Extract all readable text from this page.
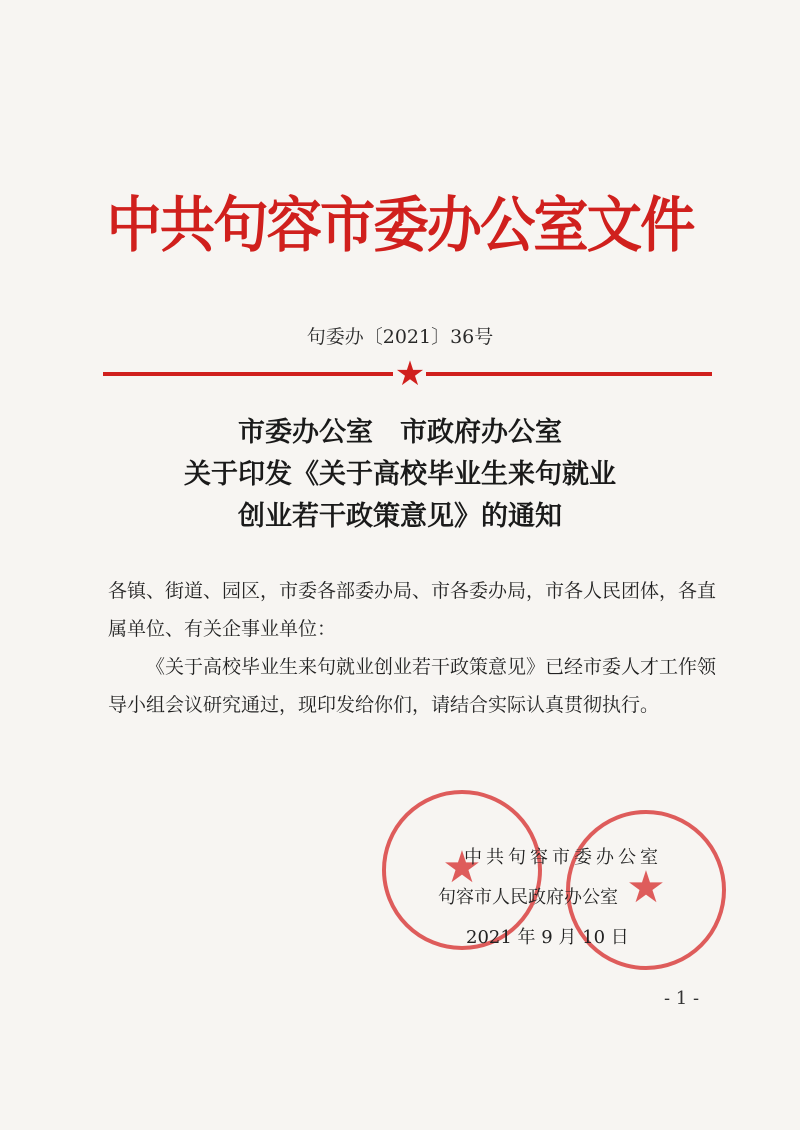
中共句容市委办公室文件
句委办〔2021〕36号
★
市委办公室　市政府办公室
关于印发《关于高校毕业生来句就业
创业若干政策意见》的通知

各镇、街道、园区，市委各部委办局、市各委办局，市各人民团体，各直属单位、有关企事业单位：

《关于高校毕业生来句就业创业若干政策意见》已经市委人才工作领导小组会议研究通过，现印发给你们，请结合实际认真贯彻执行。

★	★
中共句容市委办公室
句容市人民政府办公室
2021 年 9 月 10 日
- 1 -
